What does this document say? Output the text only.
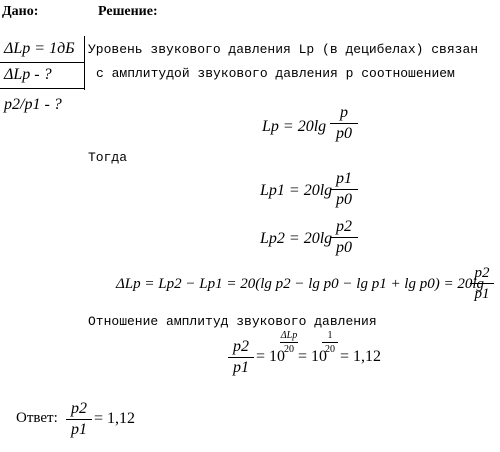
Дано:	Решение:
ΔLp = 1дБ
ΔLp - ?
p2/p1 - ?
Уровень звукового давления Lp (в децибелах) связан
с амплитудой звукового давления p соотношением
Lp = 20lg
p
p0
Тогда
Lp1 = 20lg
p1
p0
Lp2 = 20lg
p2
p0
ΔLp = Lp2 − Lp1 = 20(lg p2 − lg p0 − lg p1 + lg p0) = 20lg
p2
p1
Отношение амплитуд звукового давления
p2
p1
= 10
ΔLp
20 = 10
1
20 = 1,12
Ответ:
p2
p1
= 1,12
